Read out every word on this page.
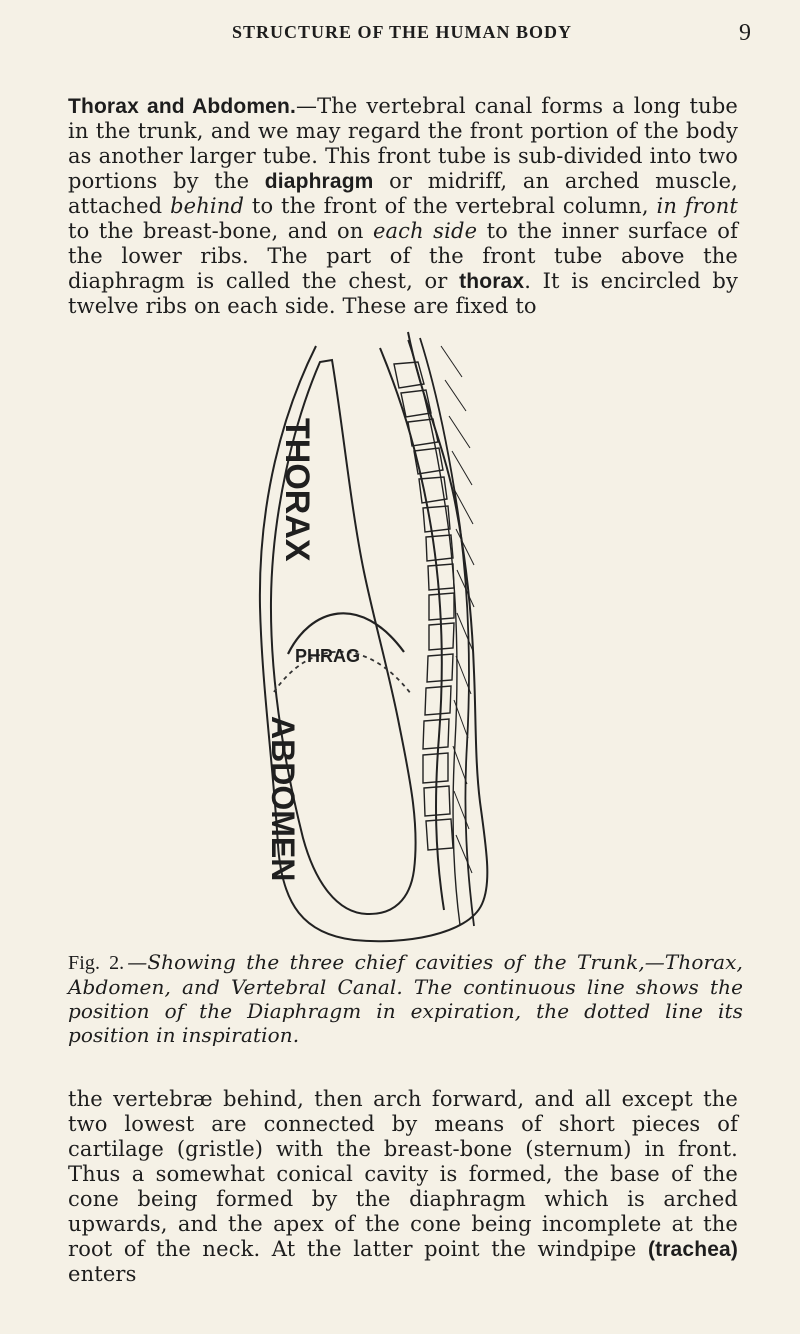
STRUCTURE OF THE HUMAN BODY	9
Thorax and Abdomen.—The vertebral canal forms a long tube in the trunk, and we may regard the front portion of the body as another larger tube. This front tube is sub-divided into two portions by the diaphragm or midriff, an arched muscle, attached behind to the front of the vertebral column, in front to the breast-bone, and on each side to the inner surface of the lower ribs. The part of the front tube above the diaphragm is called the chest, or thorax. It is encircled by twelve ribs on each side. These are fixed to
THORAX
PHRAG
ABDOMEN
Fig. 2. —Showing the three chief cavities of the Trunk,—Thorax, Abdomen, and Vertebral Canal. The continuous line shows the position of the Diaphragm in expiration, the dotted line its position in inspiration.
the vertebræ behind, then arch forward, and all except the two lowest are connected by means of short pieces of cartilage (gristle) with the breast-bone (sternum) in front. Thus a somewhat conical cavity is formed, the base of the cone being formed by the diaphragm which is arched upwards, and the apex of the cone being incomplete at the root of the neck. At the latter point the windpipe (trachea) enters
